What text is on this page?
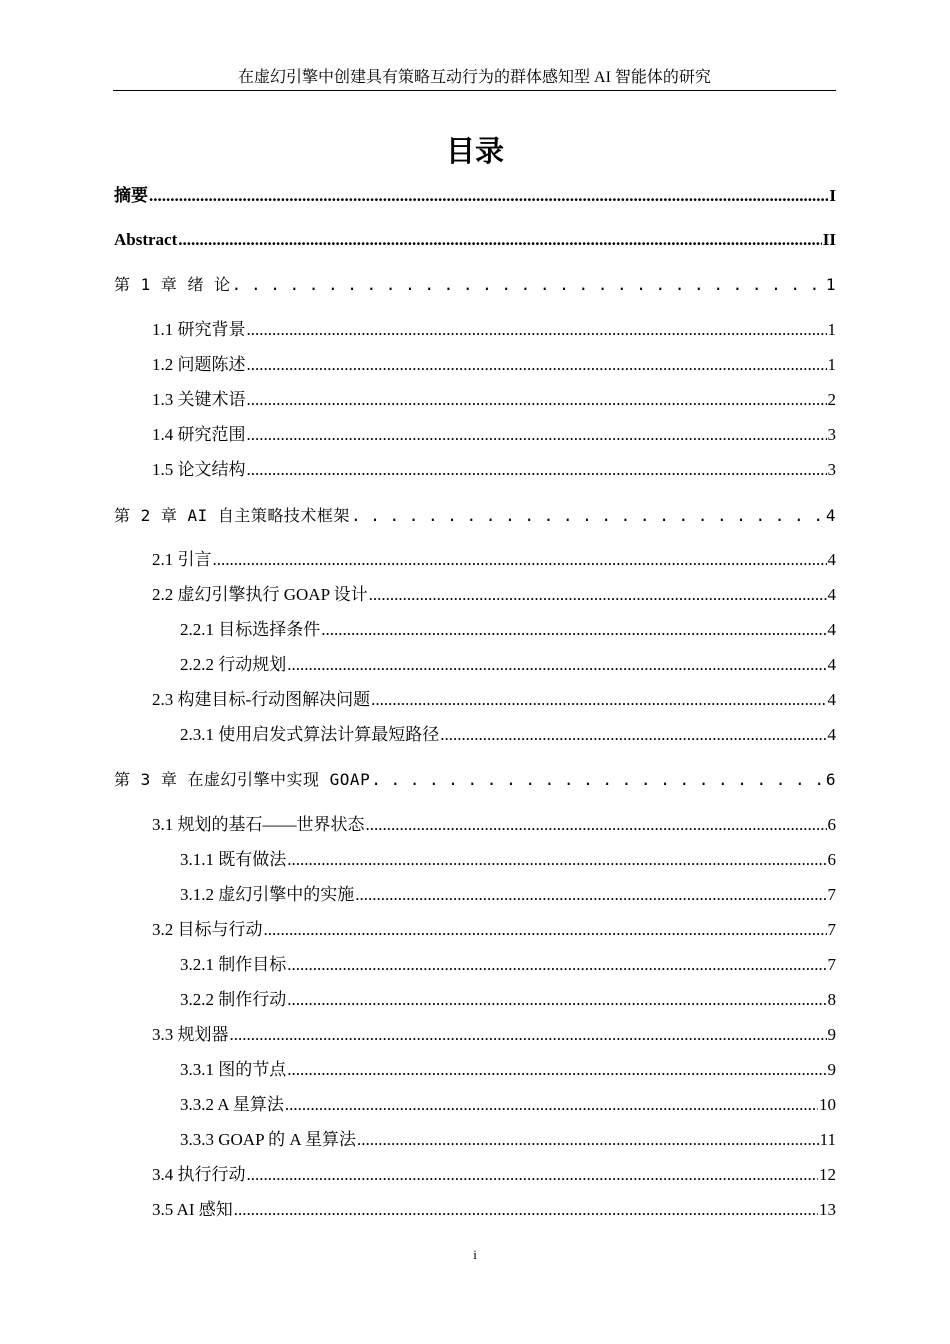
在虚幻引擎中创建具有策略互动行为的群体感知型 AI 智能体的研究
目录
摘要 .....	I
Abstract .....	II
第 1 章 绪 论 . . .	1
1.1 研究背景 .....	1
1.2 问题陈述 .....	1
1.3 关键术语 .....	2
1.4 研究范围 .....	3
1.5 论文结构 .....	3
第 2 章 AI 自主策略技术框架 . . .	4
2.1 引言 .....	4
2.2 虚幻引擎执行 GOAP 设计 .....	4
2.2.1 目标选择条件 .....	4
2.2.2 行动规划 .....	4
2.3 构建目标-行动图解决问题 .....	4
2.3.1 使用启发式算法计算最短路径 .....	4
第 3 章 在虚幻引擎中实现 GOAP . . .	6
3.1 规划的基石——世界状态 .....	6
3.1.1 既有做法 .....	6
3.1.2 虚幻引擎中的实施 .....	7
3.2 目标与行动 .....	7
3.2.1 制作目标 .....	7
3.2.2 制作行动 .....	8
3.3 规划器 .....	9
3.3.1 图的节点 .....	9
3.3.2 A 星算法 .....	10
3.3.3 GOAP 的 A 星算法 .....	11
3.4 执行行动 .....	12
3.5 AI 感知 .....	13
i
